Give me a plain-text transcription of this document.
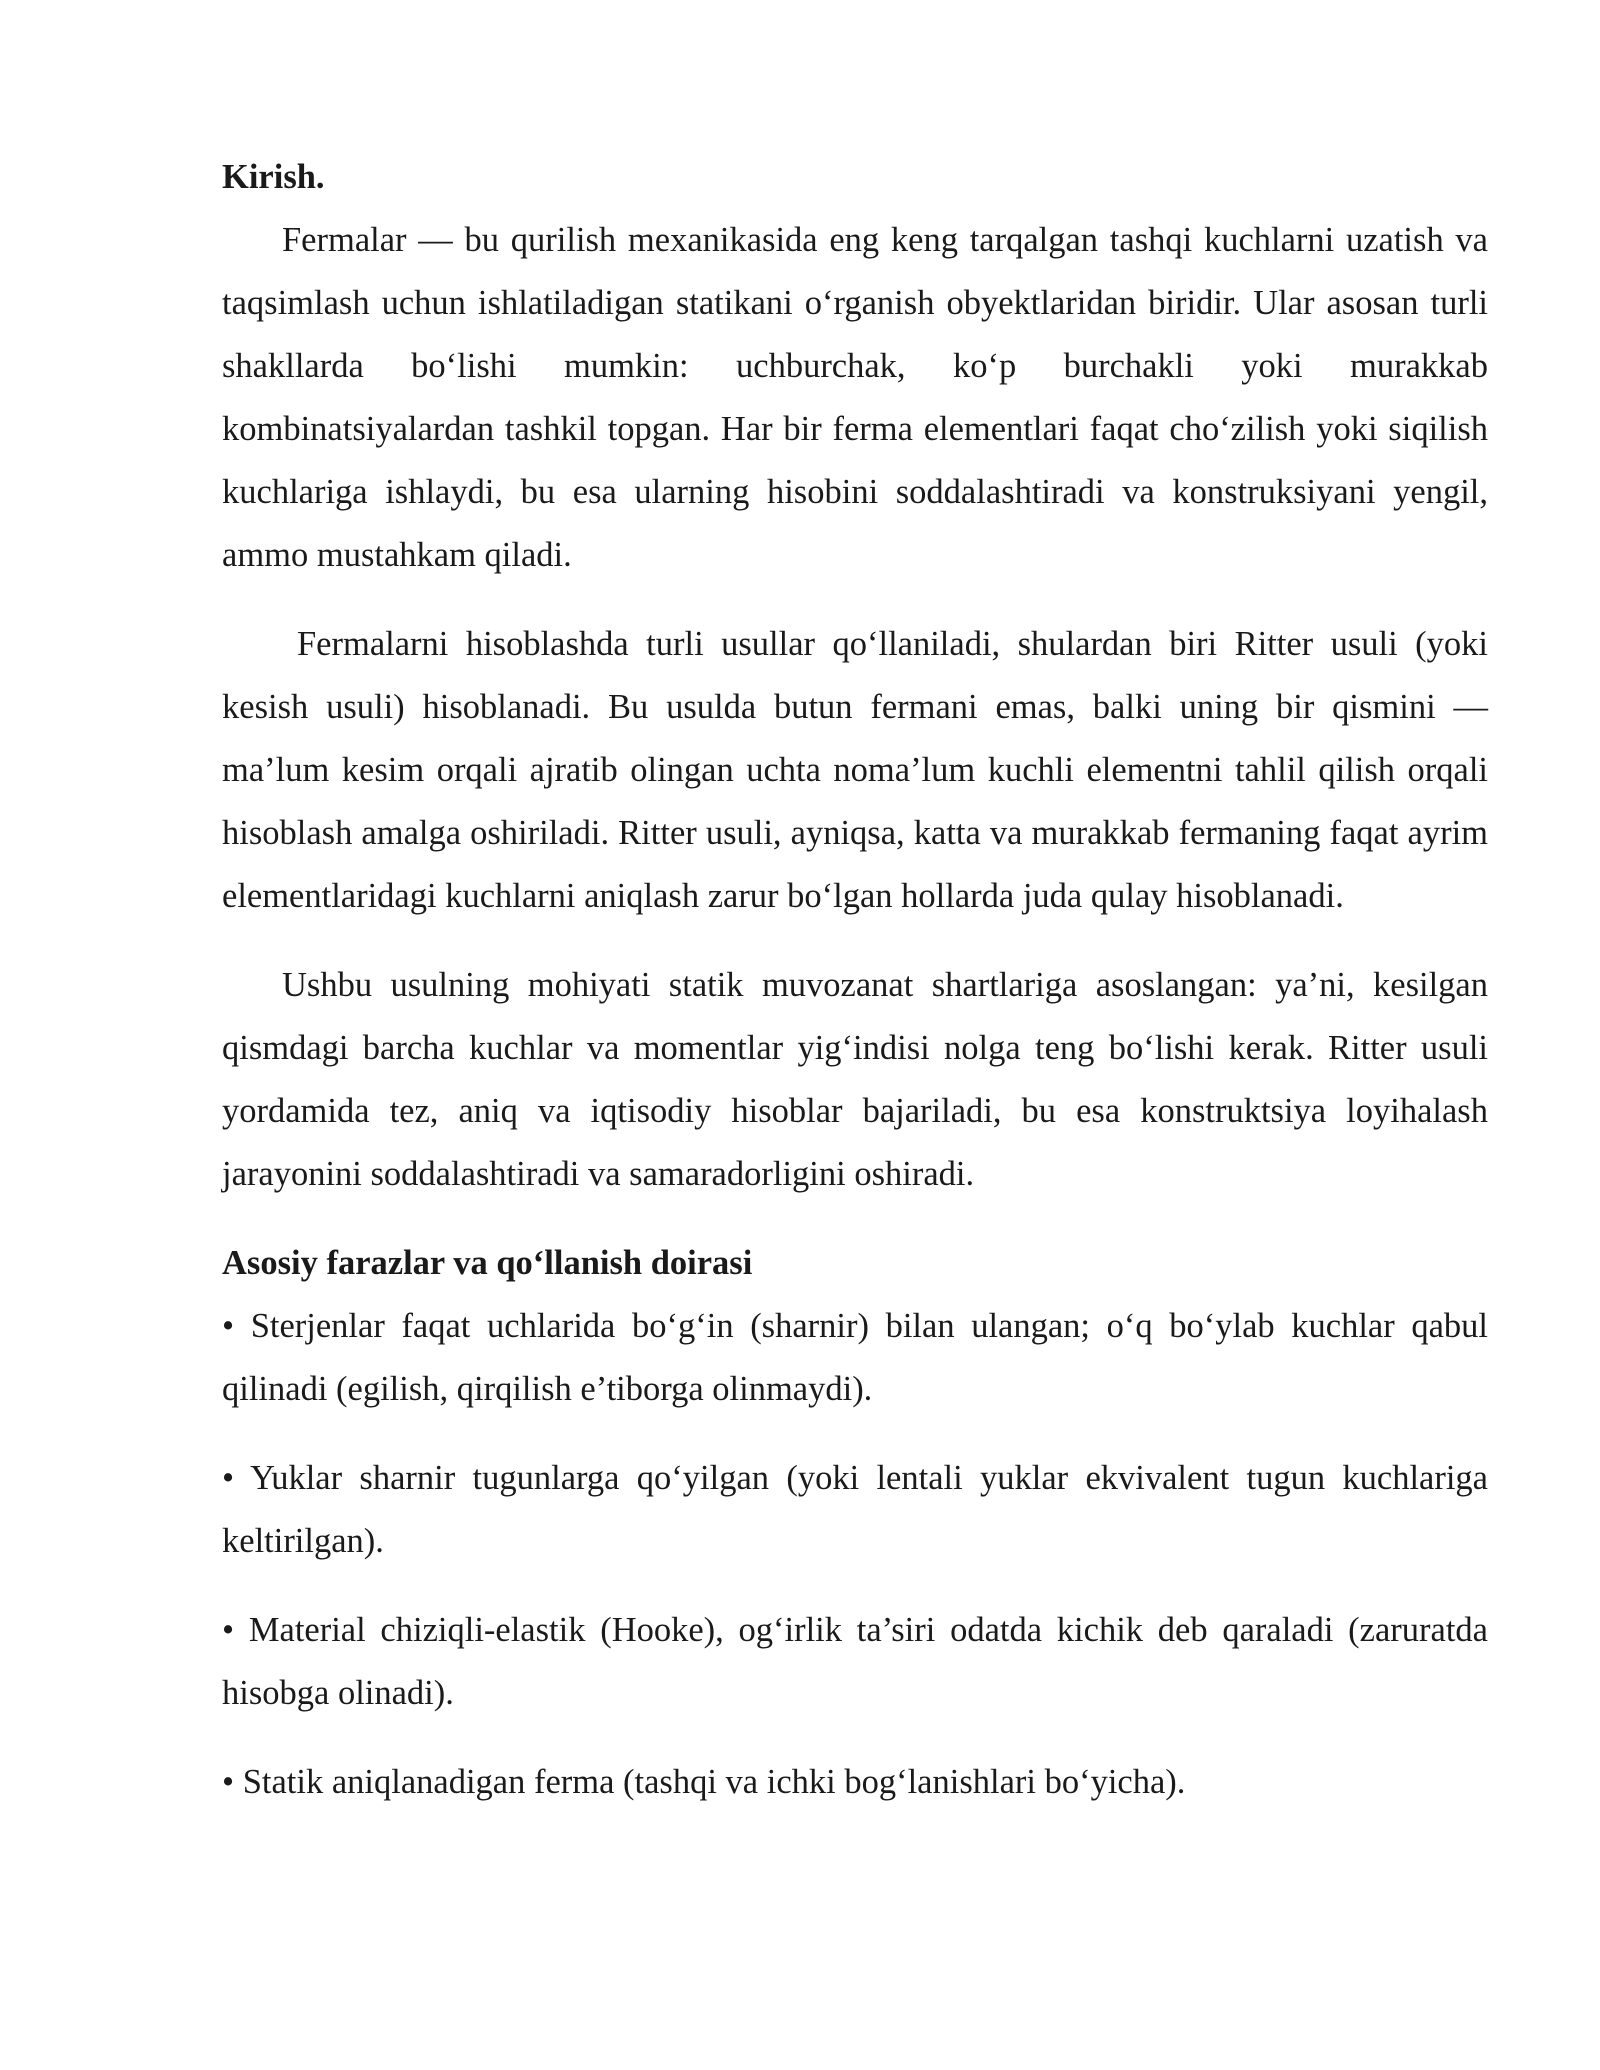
Kirish.

Fermalar — bu qurilish mexanikasida eng keng tarqalgan tashqi kuchlarni uzatish va taqsimlash uchun ishlatiladigan statikani o‘rganish obyektlaridan biridir. Ular asosan turli shakllarda bo‘lishi mumkin: uchburchak, ko‘p burchakli yoki murakkab kombinatsiyalardan tashkil topgan. Har bir ferma elementlari faqat cho‘zilish yoki siqilish kuchlariga ishlaydi, bu esa ularning hisobini soddalashtiradi va konstruksiyani yengil, ammo mustahkam qiladi.

Fermalarni hisoblashda turli usullar qo‘llaniladi, shulardan biri Ritter usuli (yoki kesish usuli) hisoblanadi. Bu usulda butun fermani emas, balki uning bir qismini — ma’lum kesim orqali ajratib olingan uchta noma’lum kuchli elementni tahlil qilish orqali hisoblash amalga oshiriladi. Ritter usuli, ayniqsa, katta va murakkab fermaning faqat ayrim elementlaridagi kuchlarni aniqlash zarur bo‘lgan hollarda juda qulay hisoblanadi.

Ushbu usulning mohiyati statik muvozanat shartlariga asoslangan: ya’ni, kesilgan qismdagi barcha kuchlar va momentlar yig‘indisi nolga teng bo‘lishi kerak. Ritter usuli yordamida tez, aniq va iqtisodiy hisoblar bajariladi, bu esa konstruktsiya loyihalash jarayonini soddalashtiradi va samaradorligini oshiradi.

Asosiy farazlar va qo‘llanish doirasi

• Sterjenlar faqat uchlarida bo‘g‘in (sharnir) bilan ulangan; o‘q bo‘ylab kuchlar qabul qilinadi (egilish, qirqilish e’tiborga olinmaydi).

• Yuklar sharnir tugunlarga qo‘yilgan (yoki lentali yuklar ekvivalent tugun kuchlariga keltirilgan).

• Material chiziqli-elastik (Hooke), og‘irlik ta’siri odatda kichik deb qaraladi (zaruratda hisobga olinadi).

• Statik aniqlanadigan ferma (tashqi va ichki bog‘lanishlari bo‘yicha).
